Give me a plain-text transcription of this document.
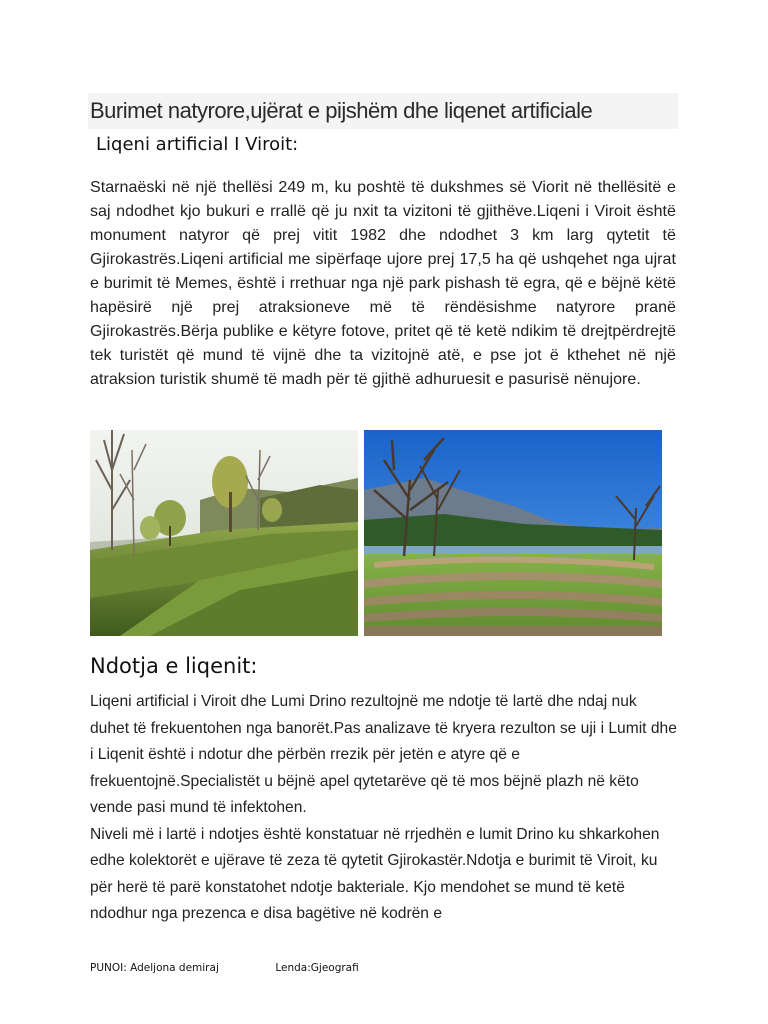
Burimet natyrore,ujërat e pijshëm dhe liqenet artificiale
Liqeni artificial I Viroit:

Starnaëski në një thellësi 249 m, ku poshtë të dukshmes së Viorit në thellësitë e saj ndodhet kjo bukuri e rrallë që ju nxit ta vizitoni të gjithëve.Liqeni i Viroit është monument natyror që prej vitit 1982 dhe ndodhet 3 km larg qytetit të Gjirokastrës.Liqeni artificial me sipërfaqe ujore prej 17,5 ha që ushqehet nga ujrat e burimit të Memes, është i rrethuar nga një park pishash të egra, që e bëjnë këtë hapësirë një prej atraksioneve më të rëndësishme natyrore pranë Gjirokastrës.Bërja publike e këtyre fotove, pritet që të ketë ndikim të drejtpërdrejtë tek turistët që mund të vijnë dhe ta vizitojnë atë, e pse jot ë kthehet në një atraksion turistik shumë të madh për të gjithë adhuruesit e pasurisë nënujore.

Ndotja e liqenit:
Liqeni artificial i Viroit dhe Lumi Drino rezultojnë me ndotje të lartë dhe ndaj nuk duhet të frekuentohen nga banorët.Pas analizave të kryera rezulton se uji i Lumit dhe i Liqenit është i ndotur dhe përbën rrezik për jetën e atyre që e frekuentojnë.Specialistët u bëjnë apel qytetarëve që të mos bëjnë plazh në këto vende pasi mund të infektohen.
Niveli më i lartë i ndotjes është konstatuar në rrjedhën e lumit Drino ku shkarkohen edhe kolektorët e ujërave të zeza të qytetit Gjirokastër.Ndotja e burimit të Viroit, ku për herë të parë konstatohet ndotje bakteriale. Kjo mendohet se mund të ketë ndodhur nga prezenca e disa bagëtive në kodrën e
PUNOI: Adeljona demiraj	Lenda:Gjeografi
